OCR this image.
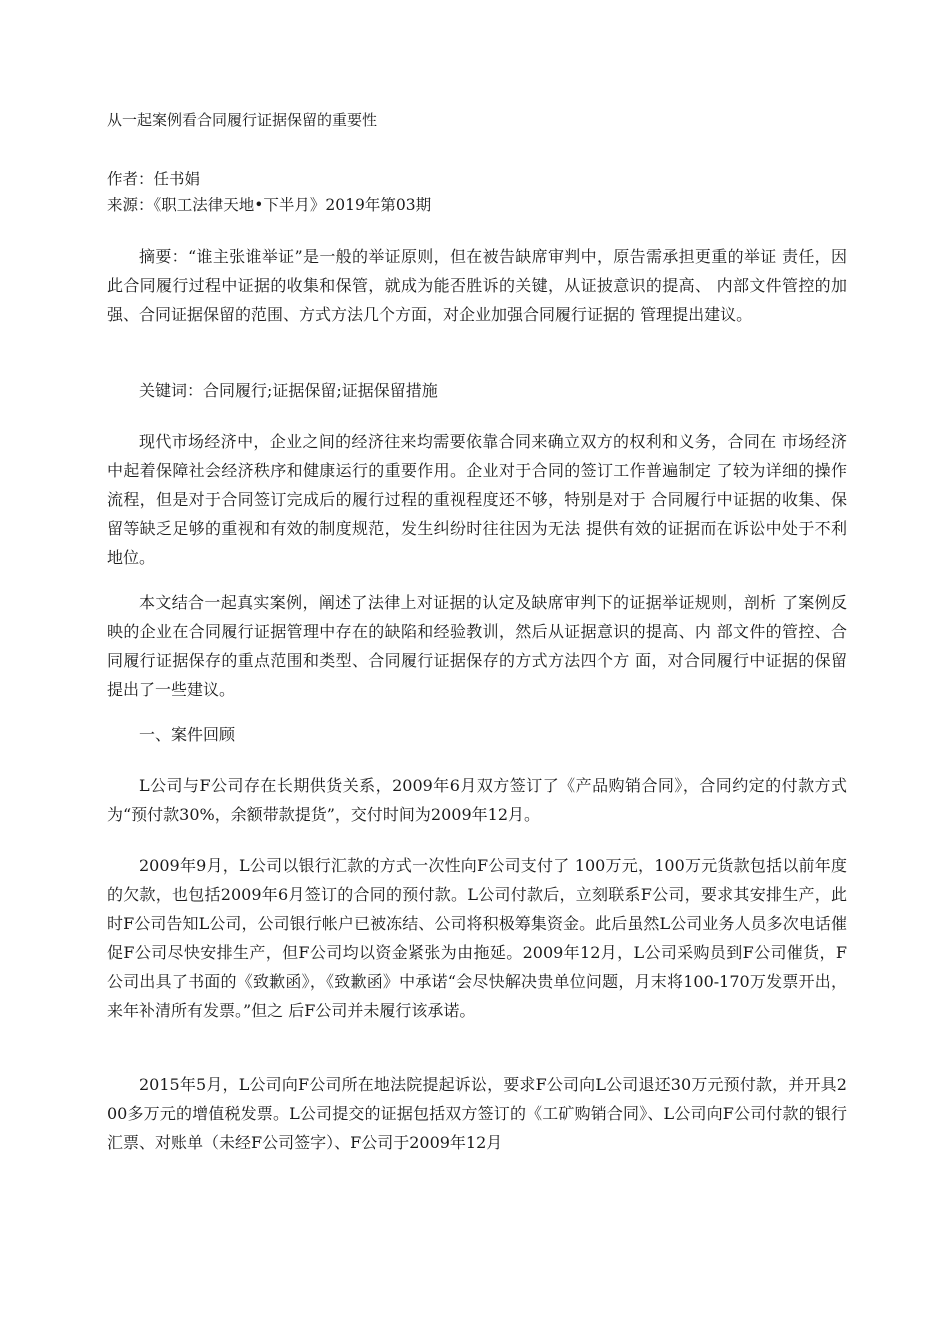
从一起案例看合同履行证据保留的重要性
作者：任书娟
来源：《职工法律天地•下半月》2019年第03期

摘要：“谁主张谁举证”是一般的举证原则，但在被告缺席审判中，原告需承担更重的举证 责任，因此合同履行过程中证据的收集和保管，就成为能否胜诉的关键，从证披意识的提高、 内部文件管控的加强、合同证据保留的范围、方式方法几个方面，对企业加强合同履行证据的 管理提出建议。

关键词：合同履行;证据保留;证据保留措施

现代市场经济中，企业之间的经济往来均需要依靠合同来确立双方的权利和义务，合同在 市场经济中起着保障社会经济秩序和健康运行的重要作用。企业对于合同的签订工作普遍制定 了较为详细的操作流程，但是对于合同签订完成后的履行过程的重视程度还不够，特别是对于 合同履行中证据的收集、保留等缺乏足够的重视和有效的制度规范，发生纠纷时往往因为无法 提供有效的证据而在诉讼中处于不利地位。

本文结合一起真实案例，阐述了法律上对证据的认定及缺席审判下的证据举证规则，剖析 了案例反映的企业在合同履行证据管理中存在的缺陷和经验教训，然后从证据意识的提高、内 部文件的管控、合同履行证据保存的重点范围和类型、合同履行证据保存的方式方法四个方 面，对合同履行中证据的保留提出了一些建议。

一、案件回顾

L公司与F公司存在长期供货关系，2009年6月双方签订了《产品购销合同》，合同约定的付款方式为“预付款30%，余额带款提货”，交付时间为2009年12月。

2009年9月，L公司以银行汇款的方式一次性向F公司支付了 100万元，100万元货款包括以前年度的欠款，也包括2009年6月签订的合同的预付款。L公司付款后，立刻联系F公司，要求其安排生产，此时F公司告知L公司，公司银行帐户已被冻结、公司将积极筹集资金。此后虽然L公司业务人员多次电话催促F公司尽快安排生产，但F公司均以资金紧张为由拖延。2009年12月，L公司采购员到F公司催货，F公司出具了书面的《致歉函》，《致歉函》中承诺“会尽快解决贵单位问题，月末将100-170万发票开出，来年补清所有发票。”但之 后F公司并未履行该承诺。

2015年5月，L公司向F公司所在地法院提起诉讼，要求F公司向L公司退还30万元预付款，并开具200多万元的增值税发票。L公司提交的证据包括双方签订的《工矿购销合同》、L公司向F公司付款的银行汇票、对账单（未经F公司签字）、F公司于2009年12月
